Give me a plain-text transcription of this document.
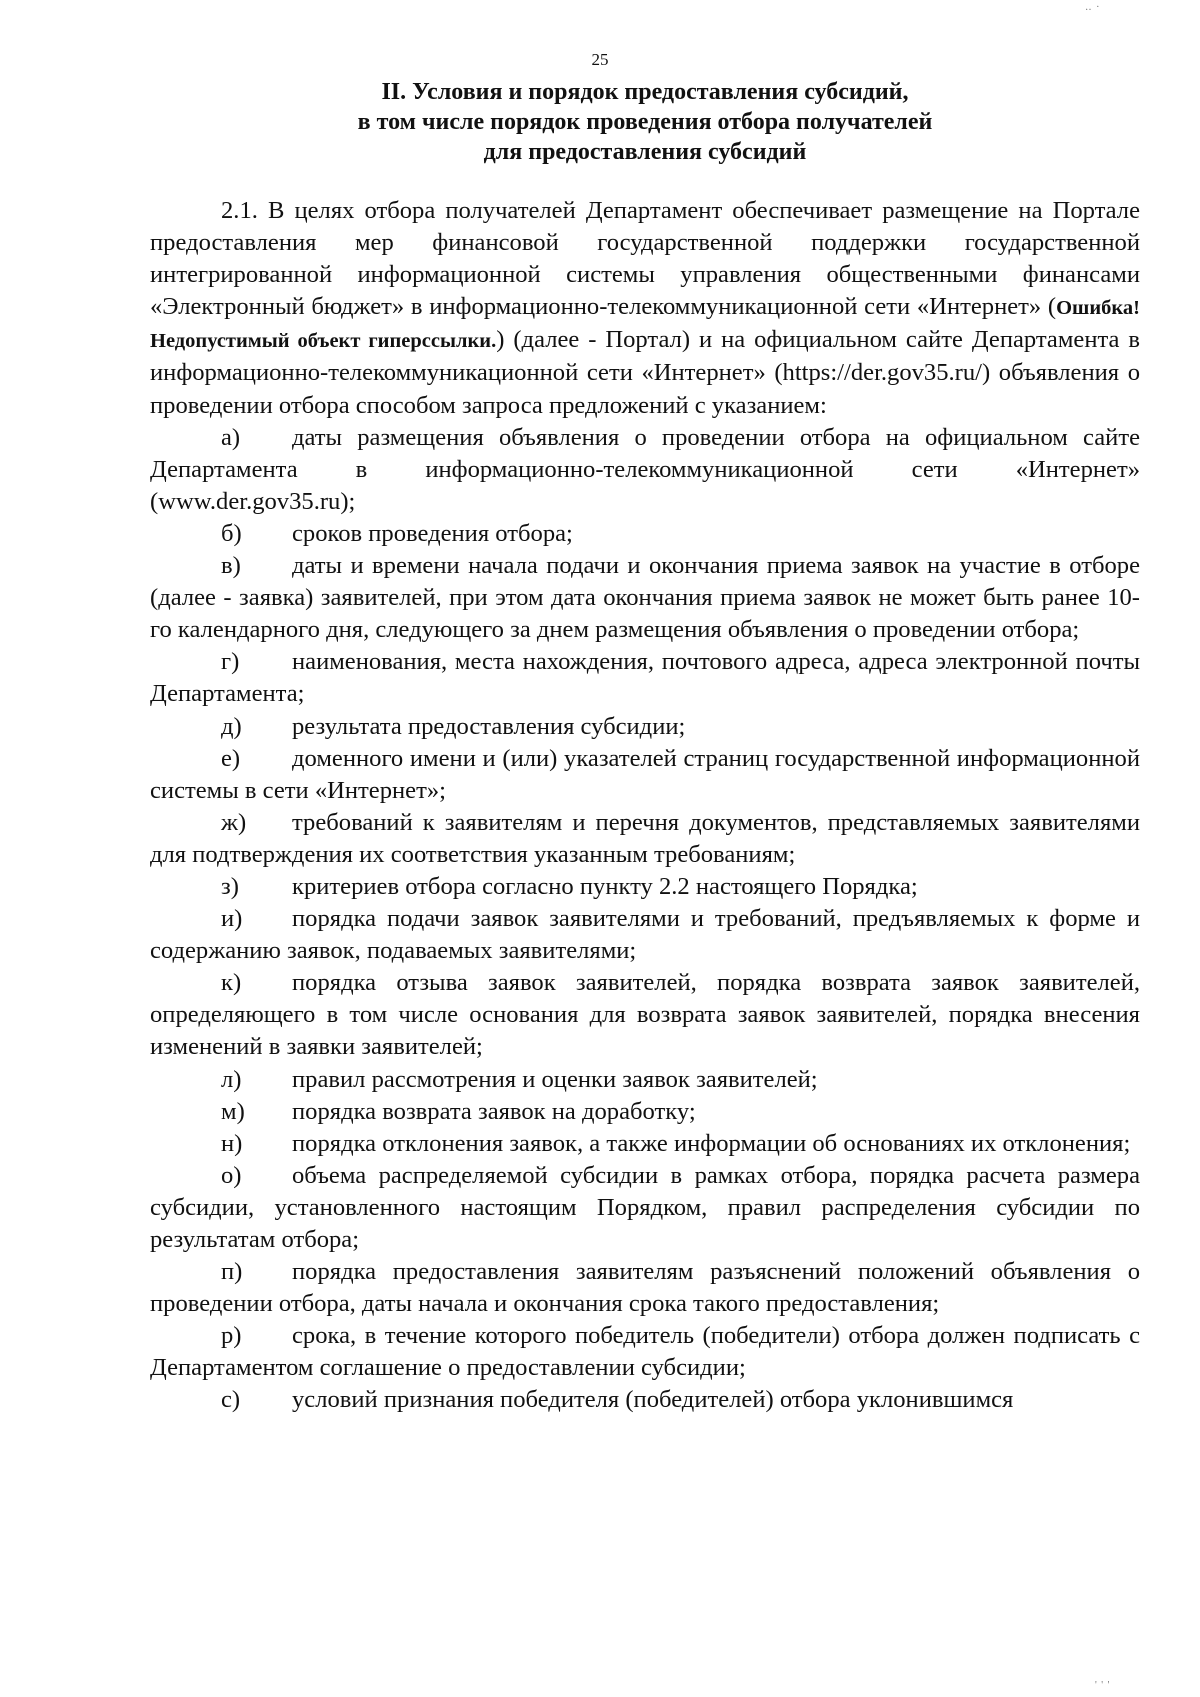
25
II. Условия и порядок предоставления субсидий,
в том числе порядок проведения отбора получателей
для предоставления субсидий

2.1. В целях отбора получателей Департамент обеспечивает размещение на Портале предоставления мер финансовой государственной поддержки государственной интегрированной информационной системы управления общественными финансами «Электронный бюджет» в информационно-телекоммуникационной сети «Интернет» (Ошибка! Недопустимый объект гиперссылки.) (далее - Портал) и на официальном сайте Департамента в информационно-телекоммуникационной сети «Интернет» (https://der.gov35.ru/) объявления о проведении отбора способом запроса предложений с указанием:

а) даты размещения объявления о проведении отбора на официальном сайте Департамента в информационно-телекоммуникационной сети «Интернет» (www.der.gov35.ru);

б) сроков проведения отбора;

в) даты и времени начала подачи и окончания приема заявок на участие в отборе (далее - заявка) заявителей, при этом дата окончания приема заявок не может быть ранее 10-го календарного дня, следующего за днем размещения объявления о проведении отбора;

г) наименования, места нахождения, почтового адреса, адреса электронной почты Департамента;

д) результата предоставления субсидии;

е) доменного имени и (или) указателей страниц государственной информационной системы в сети «Интернет»;

ж) требований к заявителям и перечня документов, представляемых заявителями для подтверждения их соответствия указанным требованиям;

з) критериев отбора согласно пункту 2.2 настоящего Порядка;

и) порядка подачи заявок заявителями и требований, предъявляемых к форме и содержанию заявок, подаваемых заявителями;

к) порядка отзыва заявок заявителей, порядка возврата заявок заявителей, определяющего в том числе основания для возврата заявок заявителей, порядка внесения изменений в заявки заявителей;

л) правил рассмотрения и оценки заявок заявителей;

м) порядка возврата заявок на доработку;

н) порядка отклонения заявок, а также информации об основаниях их отклонения;

о) объема распределяемой субсидии в рамках отбора, порядка расчета размера субсидии, установленного настоящим Порядком, правил распределения субсидии по результатам отбора;

п) порядка предоставления заявителям разъяснений положений объявления о проведении отбора, даты начала и окончания срока такого предоставления;

р) срока, в течение которого победитель (победители) отбора должен подписать с Департаментом соглашение о предоставлении субсидии;

с) условий признания победителя (победителей) отбора уклонившимся

‥ ·
' ' '
